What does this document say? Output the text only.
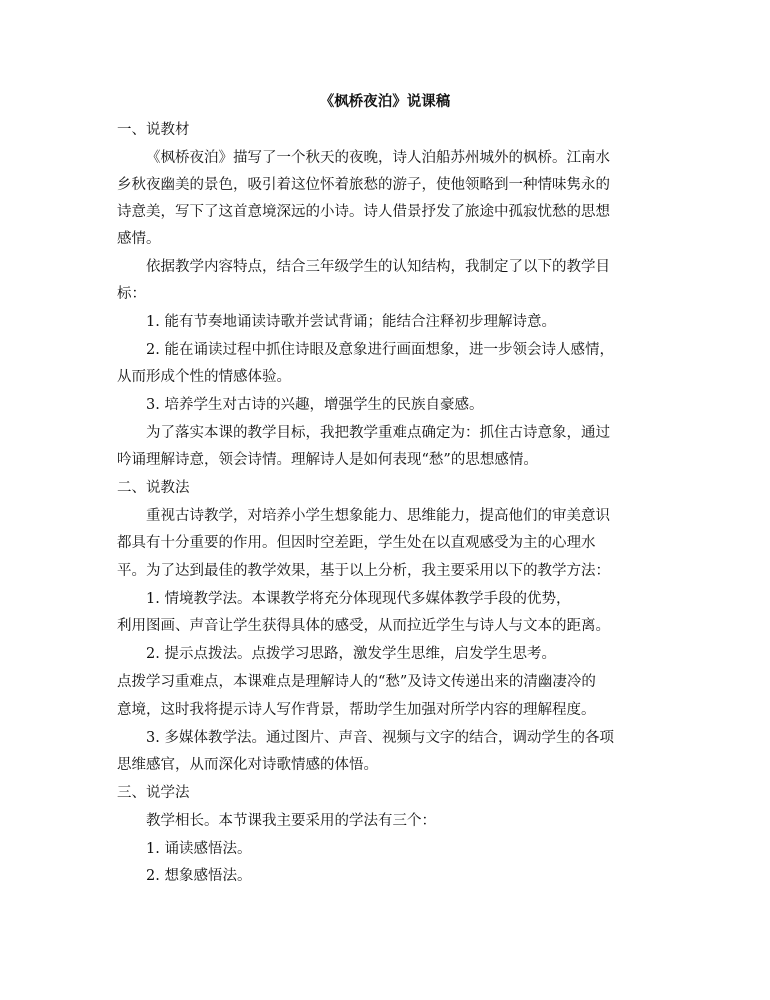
《枫桥夜泊》说课稿
一、说教材
《枫桥夜泊》描写了一个秋天的夜晚，诗人泊船苏州城外的枫桥。江南水
乡秋夜幽美的景色，吸引着这位怀着旅愁的游子，使他领略到一种情味隽永的
诗意美，写下了这首意境深远的小诗。诗人借景抒发了旅途中孤寂忧愁的思想
感情。
依据教学内容特点，结合三年级学生的认知结构，我制定了以下的教学目
标：
1. 能有节奏地诵读诗歌并尝试背诵；能结合注释初步理解诗意。
2. 能在诵读过程中抓住诗眼及意象进行画面想象，进一步领会诗人感情，
从而形成个性的情感体验。
3. 培养学生对古诗的兴趣，增强学生的民族自豪感。
为了落实本课的教学目标，我把教学重难点确定为：抓住古诗意象，通过
吟诵理解诗意，领会诗情。理解诗人是如何表现“愁”的思想感情。
二、说教法
重视古诗教学，对培养小学生想象能力、思维能力，提高他们的审美意识
都具有十分重要的作用。但因时空差距，学生处在以直观感受为主的心理水
平。为了达到最佳的教学效果，基于以上分析，我主要采用以下的教学方法：
1. 情境教学法。本课教学将充分体现现代多媒体教学手段的优势，
利用图画、声音让学生获得具体的感受，从而拉近学生与诗人与文本的距离。
2. 提示点拨法。点拨学习思路，激发学生思维，启发学生思考。
点拨学习重难点，本课难点是理解诗人的“愁”及诗文传递出来的清幽凄冷的
意境，这时我将提示诗人写作背景，帮助学生加强对所学内容的理解程度。
3. 多媒体教学法。通过图片、声音、视频与文字的结合，调动学生的各项
思维感官，从而深化对诗歌情感的体悟。
三、说学法
教学相长。本节课我主要采用的学法有三个：
1. 诵读感悟法。
2. 想象感悟法。
